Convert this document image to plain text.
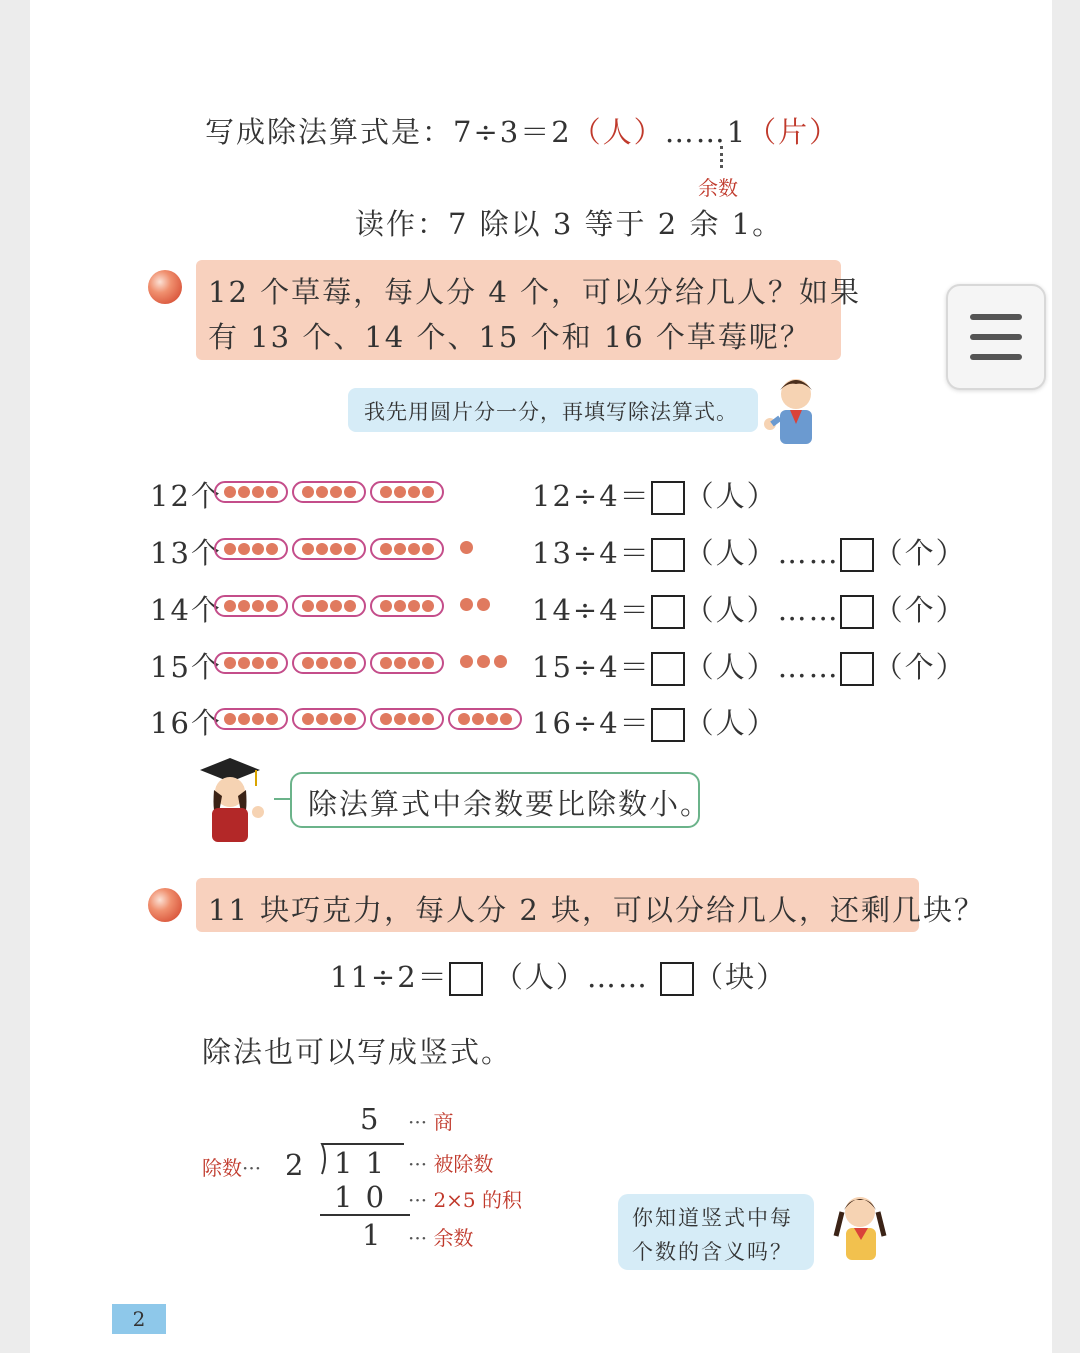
写成除法算式是：7÷3＝2（人）……1（片）
余数
读作：7 除以 3 等于 2 余 1。
12 个草莓，每人分 4 个，可以分给几人？如果
有 13 个、14 个、15 个和 16 个草莓呢？
我先用圆片分一分，再填写除法算式。
12个
13个
14个
15个
16个
12÷4＝ （人）
13÷4＝ （人）…… （个）
14÷4＝ （人）…… （个）
15÷4＝ （人）…… （个）
16÷4＝ （人）
除法算式中余数要比除数小。
11 块巧克力，每人分 2 块，可以分给几人，还剩几块？
11÷2＝ （人）…… （块）
除法也可以写成竖式。
5 ··· 商
除数··· 2 1 1 ··· 被除数
1 0 ··· 2×5 的积
1 ··· 余数
你知道竖式中每
个数的含义吗？
2
